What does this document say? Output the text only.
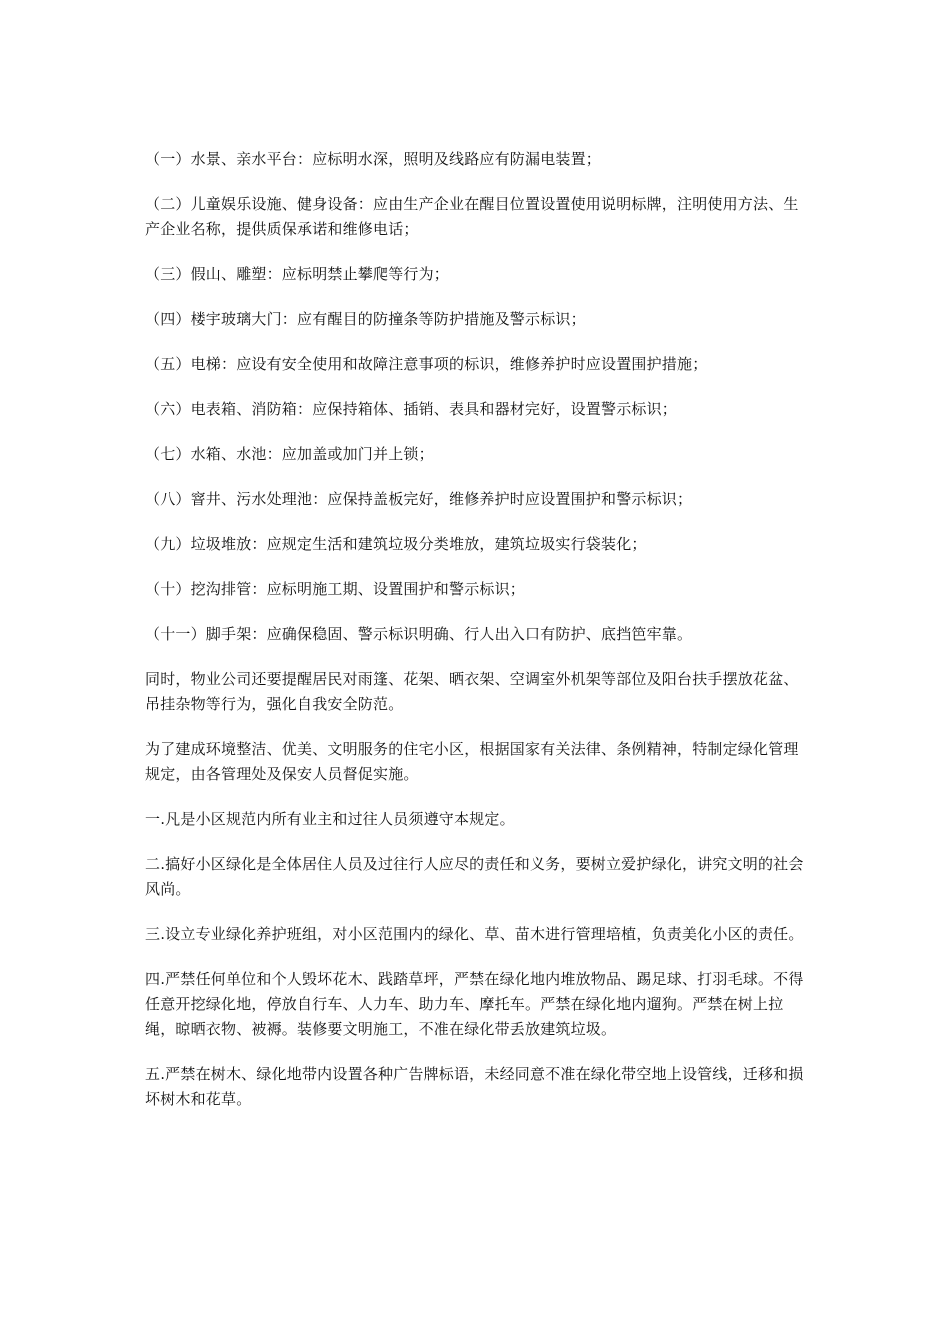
（一）水景、亲水平台：应标明水深，照明及线路应有防漏电装置；

（二）儿童娱乐设施、健身设备：应由生产企业在醒目位置设置使用说明标牌，注明使用方法、生产企业名称，提供质保承诺和维修电话；

（三）假山、雕塑：应标明禁止攀爬等行为；

（四）楼宇玻璃大门：应有醒目的防撞条等防护措施及警示标识；

（五）电梯：应设有安全使用和故障注意事项的标识，维修养护时应设置围护措施；

（六）电表箱、消防箱：应保持箱体、插销、表具和器材完好，设置警示标识；

（七）水箱、水池：应加盖或加门并上锁；

（八）窨井、污水处理池：应保持盖板完好，维修养护时应设置围护和警示标识；

（九）垃圾堆放：应规定生活和建筑垃圾分类堆放，建筑垃圾实行袋装化；

（十）挖沟排管：应标明施工期、设置围护和警示标识；

（十一）脚手架：应确保稳固、警示标识明确、行人出入口有防护、底挡笆牢靠。

同时，物业公司还要提醒居民对雨篷、花架、晒衣架、空调室外机架等部位及阳台扶手摆放花盆、吊挂杂物等行为，强化自我安全防范。

为了建成环境整洁、优美、文明服务的住宅小区，根据国家有关法律、条例精神，特制定绿化管理规定，由各管理处及保安人员督促实施。

一.凡是小区规范内所有业主和过往人员须遵守本规定。

二.搞好小区绿化是全体居住人员及过往行人应尽的责任和义务，要树立爱护绿化，讲究文明的社会风尚。

三.设立专业绿化养护班组，对小区范围内的绿化、草、苗木进行管理培植，负责美化小区的责任。

四.严禁任何单位和个人毁坏花木、践踏草坪，严禁在绿化地内堆放物品、踢足球、打羽毛球。不得任意开挖绿化地，停放自行车、人力车、助力车、摩托车。严禁在绿化地内遛狗。严禁在树上拉绳，晾晒衣物、被褥。装修要文明施工，不准在绿化带丢放建筑垃圾。

五.严禁在树木、绿化地带内设置各种广告牌标语，未经同意不准在绿化带空地上设管线，迁移和损坏树木和花草。
